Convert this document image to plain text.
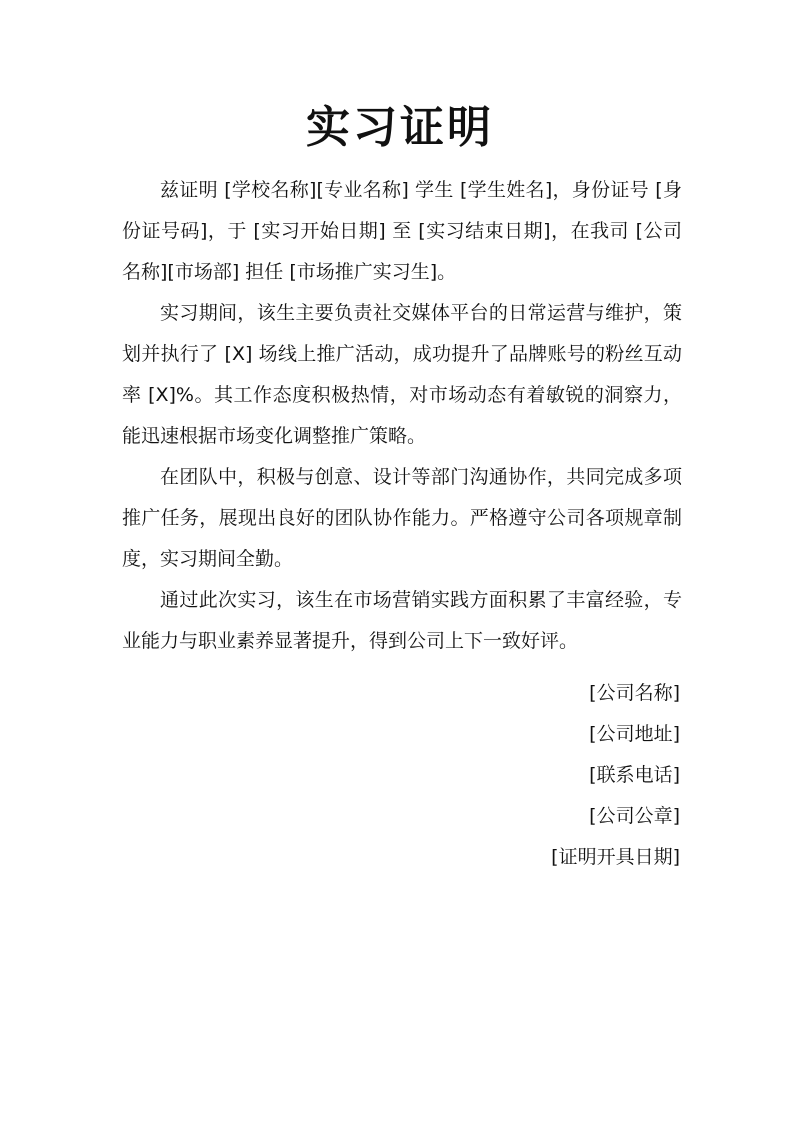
实习证明

兹证明 [学校名称][专业名称] 学生 [学生姓名]，身份证号 [身份证号码]，于 [实习开始日期] 至 [实习结束日期]，在我司 [公司名称][市场部] 担任 [市场推广实习生]。

实习期间，该生主要负责社交媒体平台的日常运营与维护，策划并执行了 [X] 场线上推广活动，成功提升了品牌账号的粉丝互动率 [X]%。其工作态度积极热情，对市场动态有着敏锐的洞察力，能迅速根据市场变化调整推广策略。

在团队中，积极与创意、设计等部门沟通协作，共同完成多项推广任务，展现出良好的团队协作能力。严格遵守公司各项规章制度，实习期间全勤。

通过此次实习，该生在市场营销实践方面积累了丰富经验，专业能力与职业素养显著提升，得到公司上下一致好评。

[公司名称]
[公司地址]
[联系电话]
[公司公章]
[证明开具日期]
